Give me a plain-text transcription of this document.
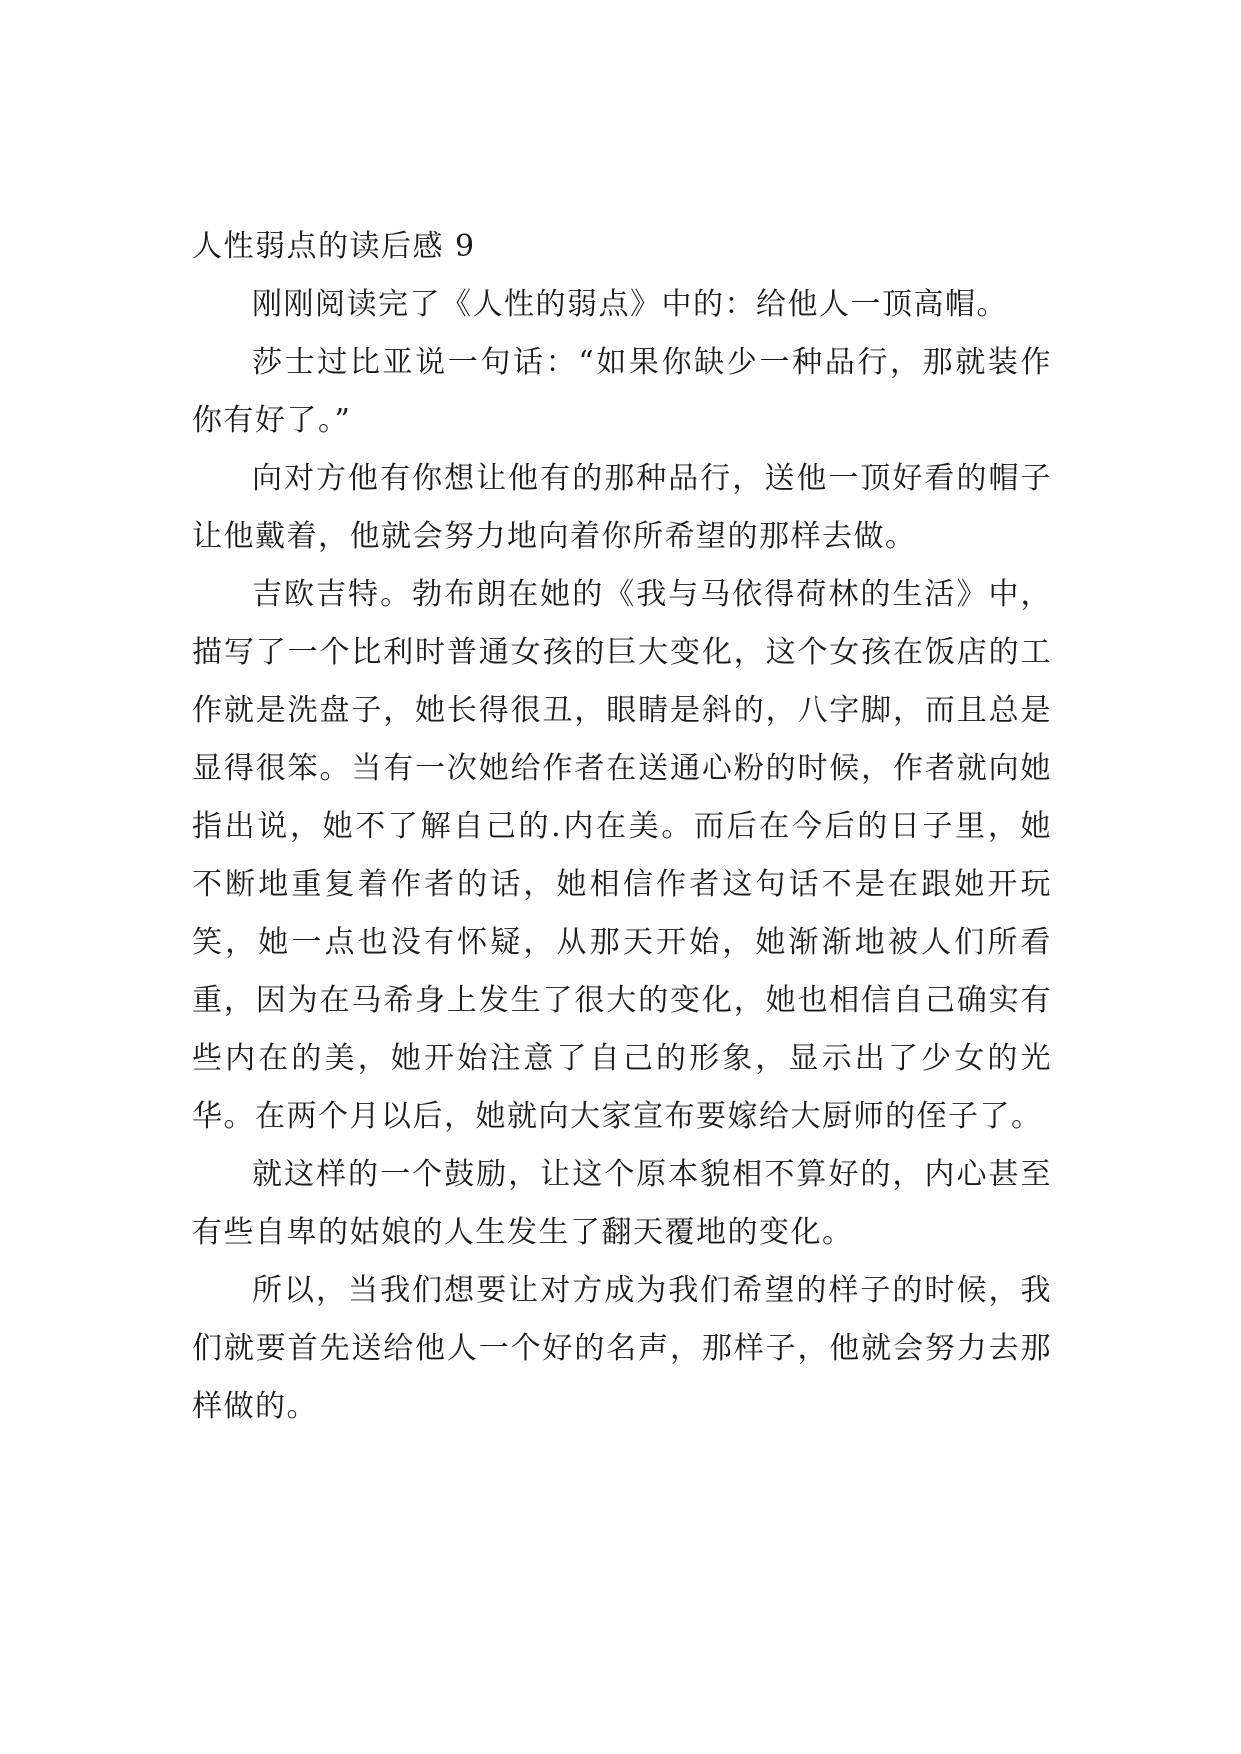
人性弱点的读后感 9

刚刚阅读完了《人性的弱点》中的：给他人一顶高帽。

莎士过比亚说一句话：“如果你缺少一种品行，那就装作你有好了。”

向对方他有你想让他有的那种品行，送他一顶好看的帽子让他戴着，他就会努力地向着你所希望的那样去做。

吉欧吉特。勃布朗在她的《我与马依得荷林的生活》中，描写了一个比利时普通女孩的巨大变化，这个女孩在饭店的工作就是洗盘子，她长得很丑，眼睛是斜的，八字脚，而且总是显得很笨。当有一次她给作者在送通心粉的时候，作者就向她指出说，她不了解自己的.内在美。而后在今后的日子里，她不断地重复着作者的话，她相信作者这句话不是在跟她开玩笑，她一点也没有怀疑，从那天开始，她渐渐地被人们所看重，因为在马希身上发生了很大的变化，她也相信自己确实有些内在的美，她开始注意了自己的形象，显示出了少女的光华。在两个月以后，她就向大家宣布要嫁给大厨师的侄子了。

就这样的一个鼓励，让这个原本貌相不算好的，内心甚至有些自卑的姑娘的人生发生了翻天覆地的变化。

所以，当我们想要让对方成为我们希望的样子的时候，我们就要首先送给他人一个好的名声，那样子，他就会努力去那样做的。
